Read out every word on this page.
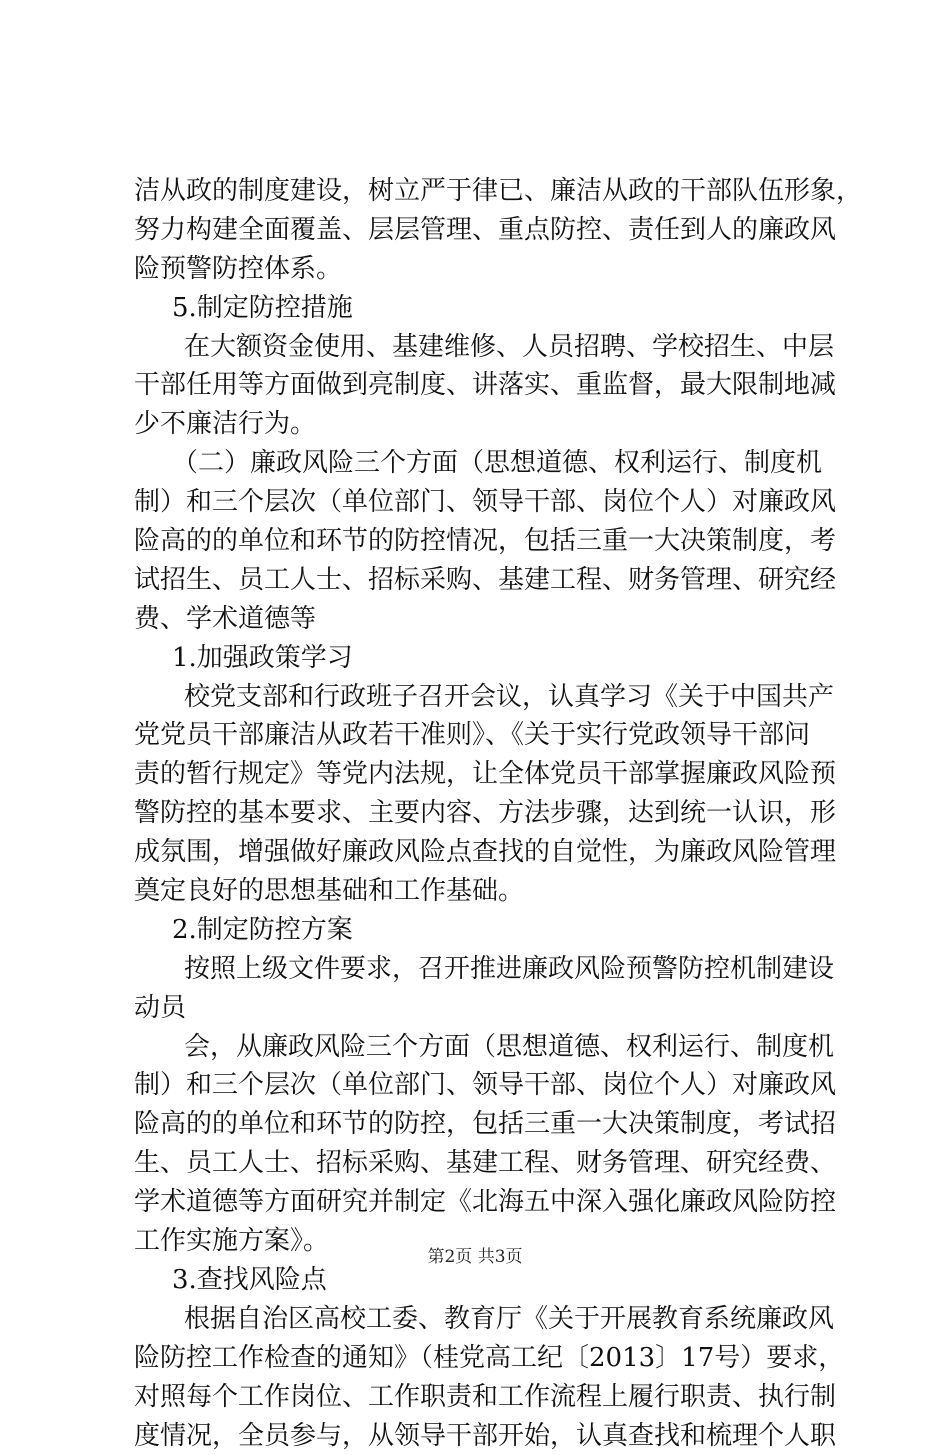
洁从政的制度建设，树立严于律已、廉洁从政的干部队伍形象，
努力构建全面覆盖、层层管理、重点防控、责任到人的廉政风
险预警防控体系。
5.制定防控措施
在大额资金使用、基建维修、人员招聘、学校招生、中层
干部任用等方面做到亮制度、讲落实、重监督，最大限制地减
少不廉洁行为。
（二）廉政风险三个方面（思想道德、权利运行、制度机
制）和三个层次（单位部门、领导干部、岗位个人）对廉政风
险高的的单位和环节的防控情况，包括三重一大决策制度，考
试招生、员工人士、招标采购、基建工程、财务管理、研究经
费、学术道德等
1.加强政策学习
校党支部和行政班子召开会议，认真学习《关于中国共产
党党员干部廉洁从政若干准则》、《关于实行党政领导干部问
责的暂行规定》等党内法规，让全体党员干部掌握廉政风险预
警防控的基本要求、主要内容、方法步骤，达到统一认识，形
成氛围，增强做好廉政风险点查找的自觉性，为廉政风险管理
奠定良好的思想基础和工作基础。
2.制定防控方案
按照上级文件要求，召开推进廉政风险预警防控机制建设
动员
会，从廉政风险三个方面（思想道德、权利运行、制度机
制）和三个层次（单位部门、领导干部、岗位个人）对廉政风
险高的的单位和环节的防控，包括三重一大决策制度，考试招
生、员工人士、招标采购、基建工程、财务管理、研究经费、
学术道德等方面研究并制定《北海五中深入强化廉政风险防控
工作实施方案》。
3.查找风险点
根据自治区高校工委、教育厅《关于开展教育系统廉政风
险防控工作检查的通知》（桂党高工纪〔2013〕17号）要求，
对照每个工作岗位、工作职责和工作流程上履行职责、执行制
度情况，全员参与，从领导干部开始，认真查找和梳理个人职
第2页 共3页
